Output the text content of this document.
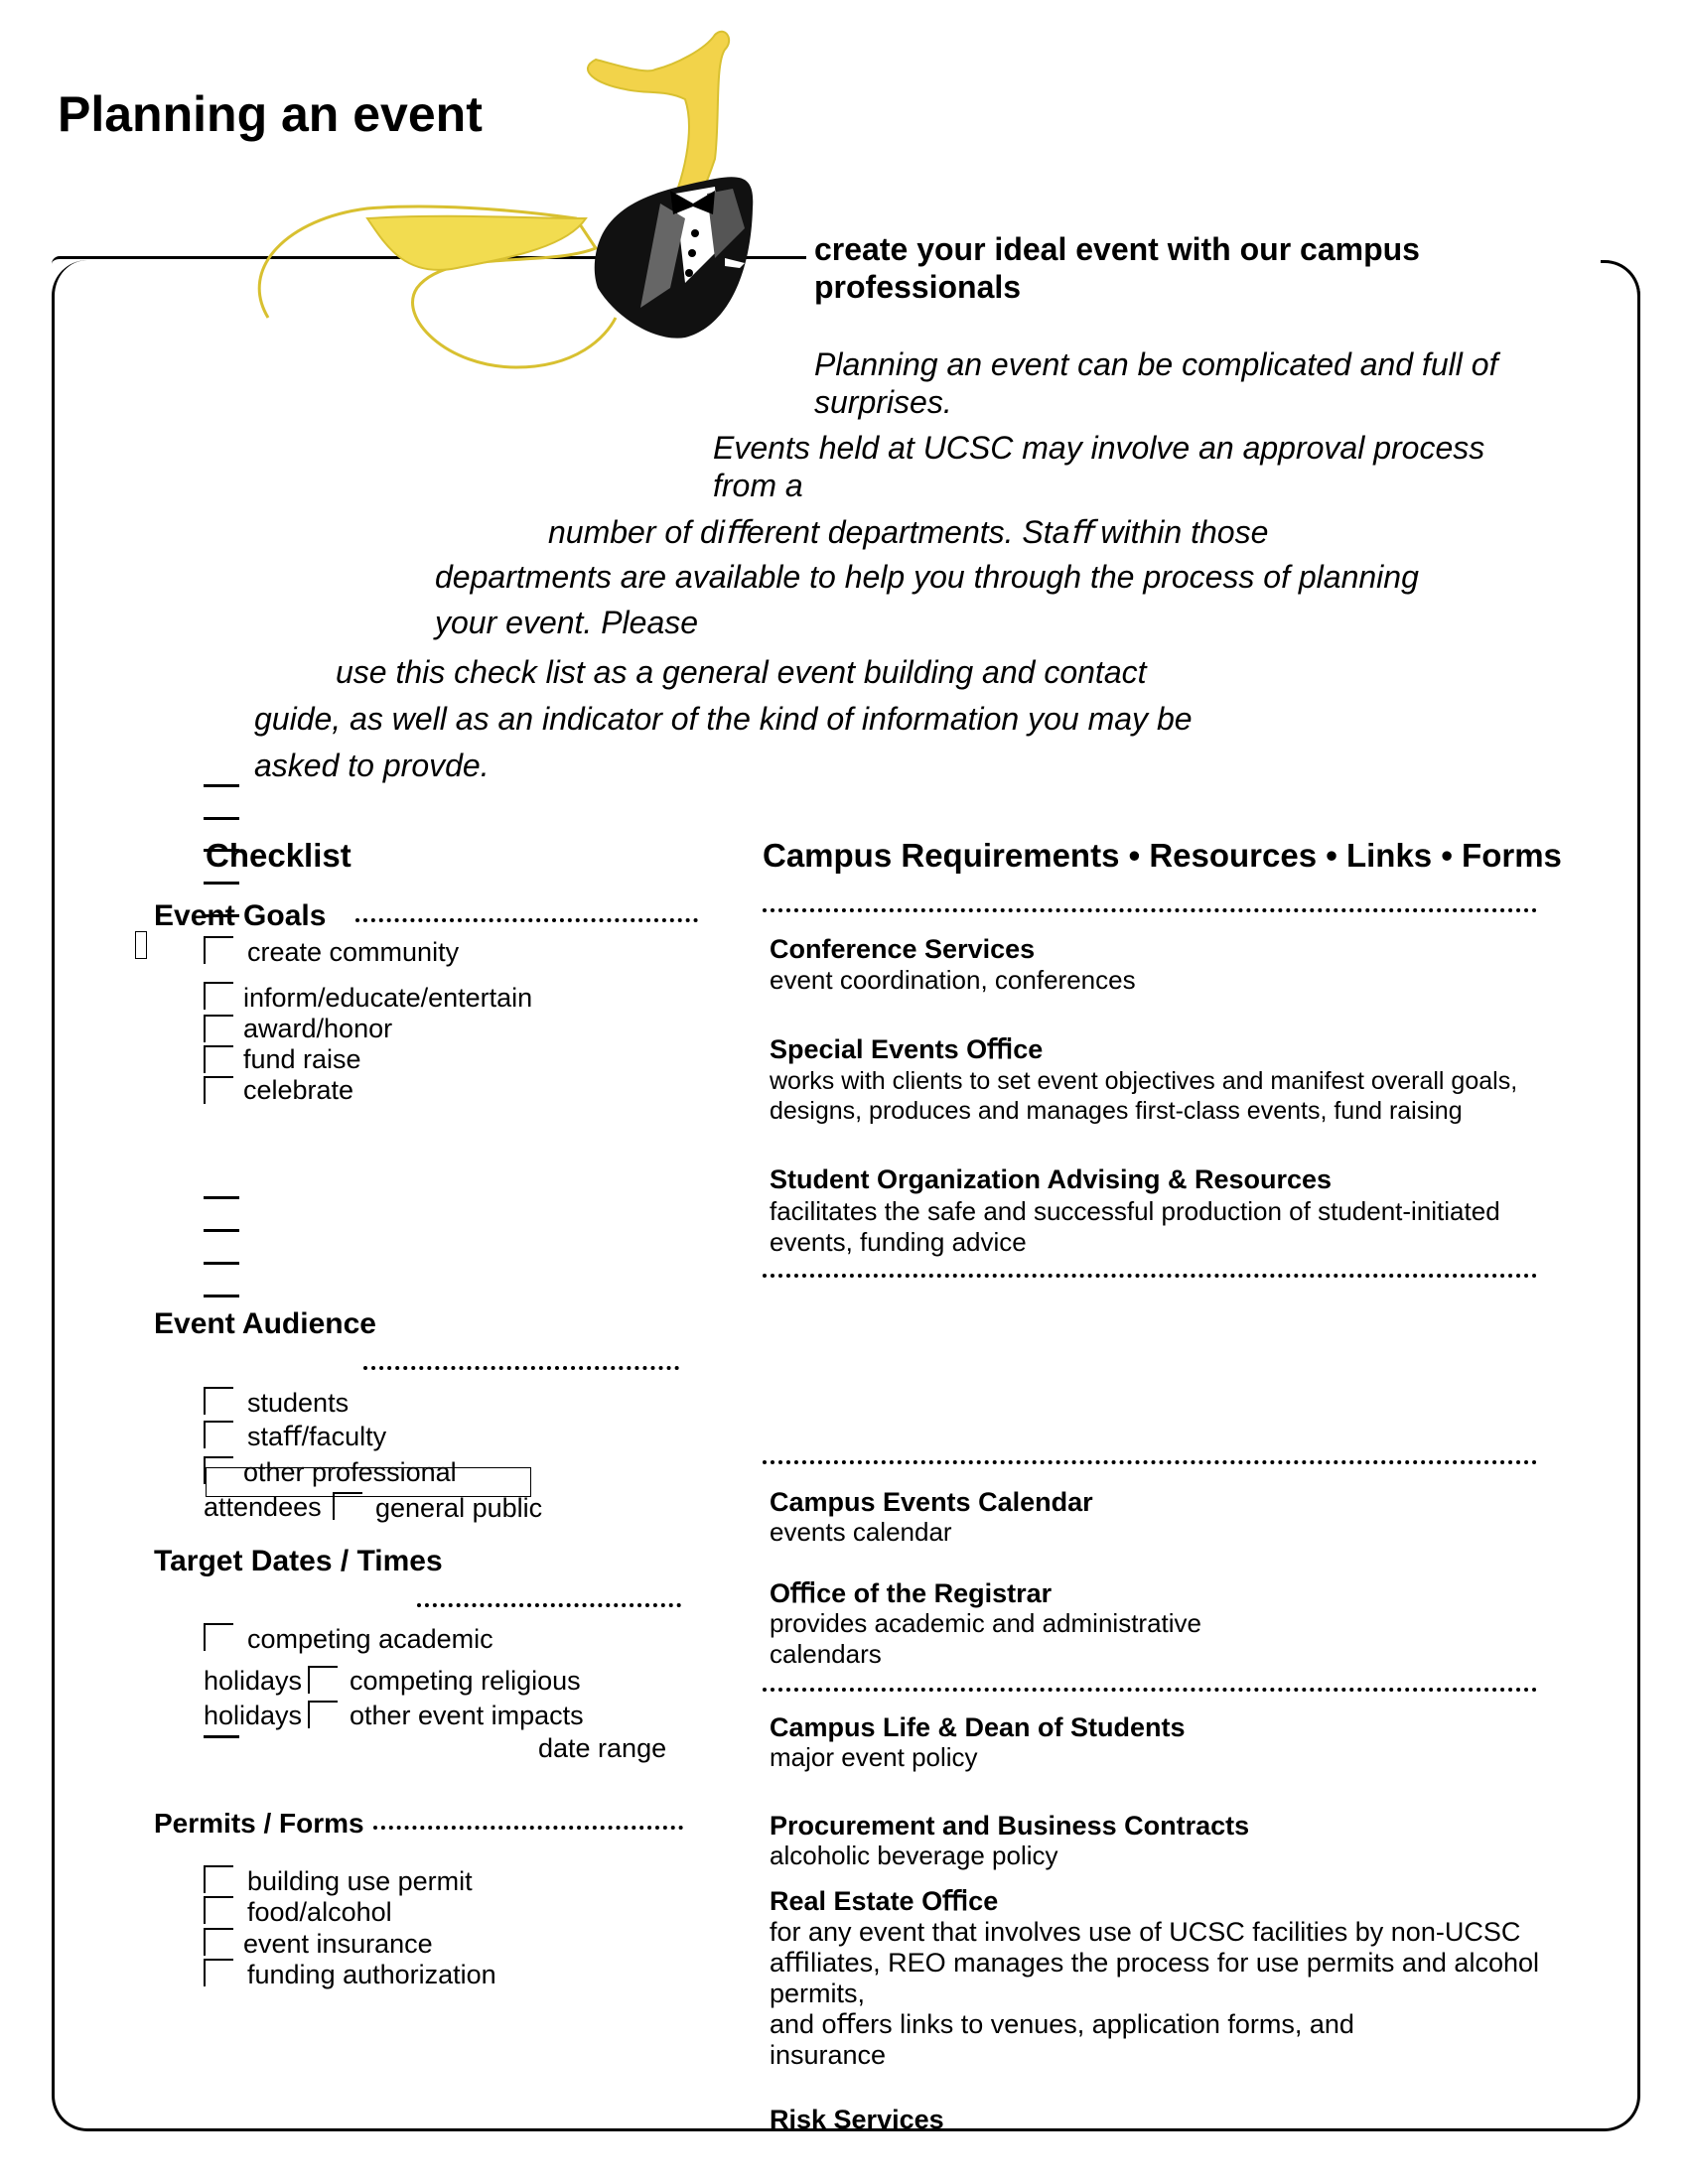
Planning an event
create your ideal event with our campus professionals
Planning an event can be complicated and full of
surprises.
Events held at UCSC may involve an approval process
from a
number of diﬀerent departments. Staﬀ within those
departments are available to help you through the process of planning
your event. Please
use this check list as a general event building and contact
guide, as well as an indicator of the kind of information you may be
asked to provde.
Checklist	Campus Requirements • Resources • Links • Forms
Event Goals
create community
inform/educate/entertain
award/honor
fund raise
celebrate
Event Audience
students
staﬀ/faculty
other professional
attendees general public
Target Dates / Times
competing academic
holidays competing religious
holidays other event impacts
date range
Permits / Forms
building use permit
food/alcohol
event insurance
funding authorization
Conference Services
event coordination, conferences
Special Events Oﬃce
works with clients to set event objectives and manifest overall goals,
designs, produces and manages ﬁrst-class events, fund raising
Student Organization Advising & Resources
facilitates the safe and successful production of student-initiated
events, funding advice
Campus Events Calendar
events calendar
Oﬃce of the Registrar
provides academic and administrative
calendars
Campus Life & Dean of Students
major event policy
Procurement and Business Contracts
alcoholic beverage policy
Real Estate Oﬃce
for any event that involves use of UCSC facilities by non-UCSC
aﬃliates, REO manages the process for use permits and alcohol
permits,
and oﬀers links to venues, application forms, and
insurance
Risk Services
